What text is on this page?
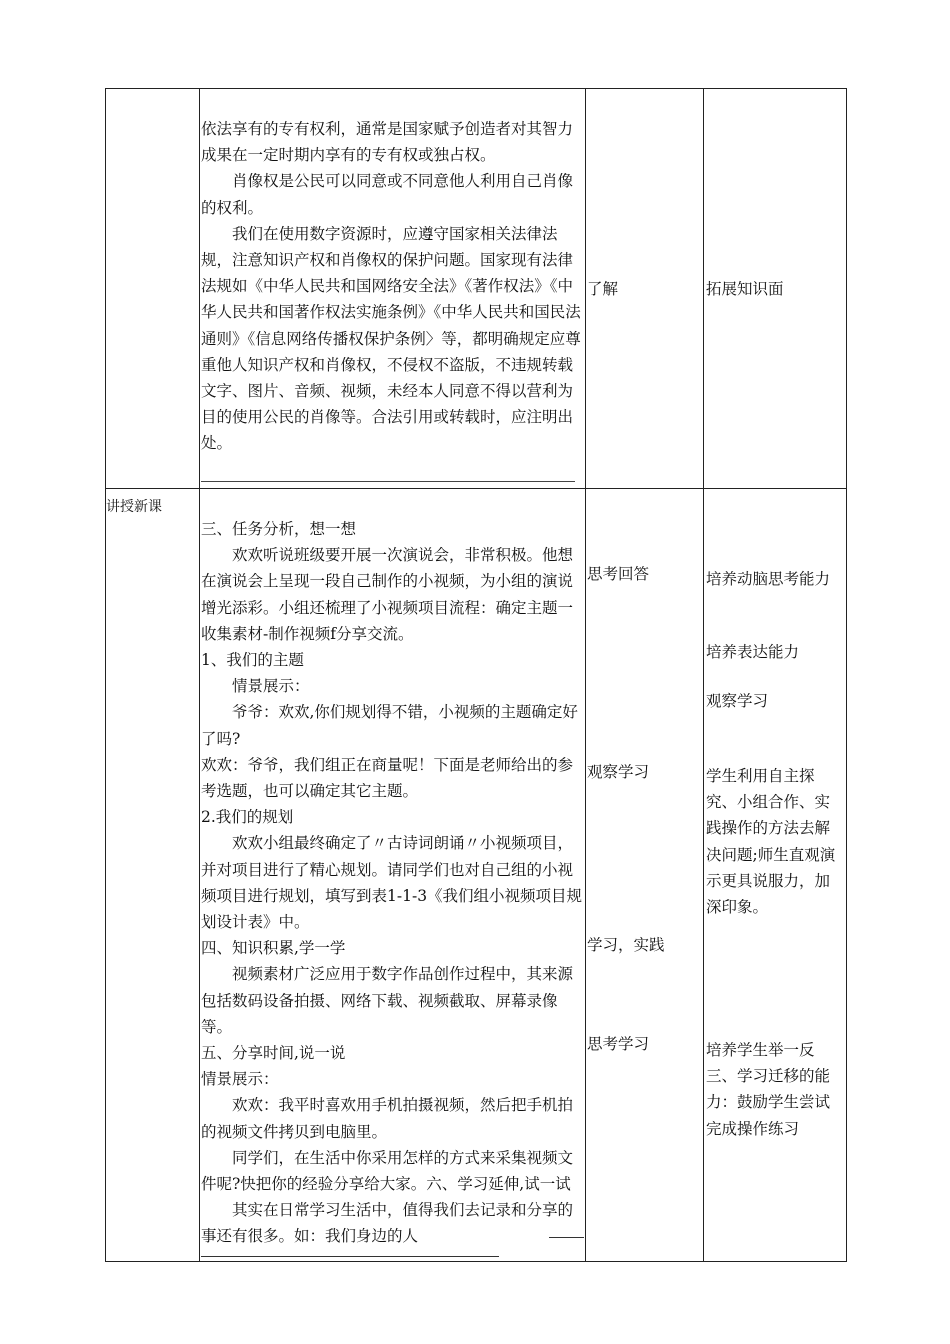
依法享有的专有权利，通常是国家赋予创造者对其智力成果在一定时期内享有的专有权或独占权。

肖像权是公民可以同意或不同意他人利用自己肖像的权利。

我们在使用数字资源时，应遵守国家相关法律法规，注意知识产权和肖像权的保护问题。国家现有法律法规如《中华人民共和国网络安全法》《著作权法》《中华人民共和国著作权法实施条例》《中华人民共和国民法通则》《信息网络传播权保护条例〉等，都明确规定应尊重他人知识产权和肖像权，不侵权不盗版，不违规转载文字、图片、音频、视频，未经本人同意不得以营利为目的使用公民的肖像等。合法引用或转载时，应注明出处。

了解	拓展知识面
讲授新课

三、任务分析，想一想

欢欢听说班级要开展一次演说会，非常积极。他想在演说会上呈现一段自己制作的小视频，为小组的演说增光添彩。小组还梳理了小视频项目流程：确定主题一收集素材-制作视频f分享交流。

1、我们的主题

情景展示：

爷爷：欢欢,你们规划得不错，小视频的主题确定好了吗?

欢欢：爷爷，我们组正在商量呢！下面是老师给出的参考选题，也可以确定其它主题。

2.我们的规划

欢欢小组最终确定了〃古诗词朗诵〃小视频项目，并对项目进行了精心规划。请同学们也对自己组的小视频项目进行规划，填写到表1-1-3《我们组小视频项目规划设计表》中。

四、知识积累,学一学

视频素材广泛应用于数字作品创作过程中，其来源包括数码设备拍摄、网络下载、视频截取、屏幕录像等。

五、分享时间,说一说

情景展示：

欢欢：我平时喜欢用手机拍摄视频，然后把手机拍的视频文件拷贝到电脑里。

同学们，在生活中你采用怎样的方式来采集视频文件呢?快把你的经验分享给大家。六、学习延伸,试一试

其实在日常学习生活中，值得我们去记录和分享的事还有很多。如：我们身边的人

思考回答
观察学习
学习，实践
思考学习
培养动脑思考能力
培养表达能力
观察学习
学生利用自主探究、小组合作、实践操作的方法去解决问题;师生直观演示更具说服力，加深印象。
培养学生举一反三、学习迁移的能力：鼓励学生尝试完成操作练习
